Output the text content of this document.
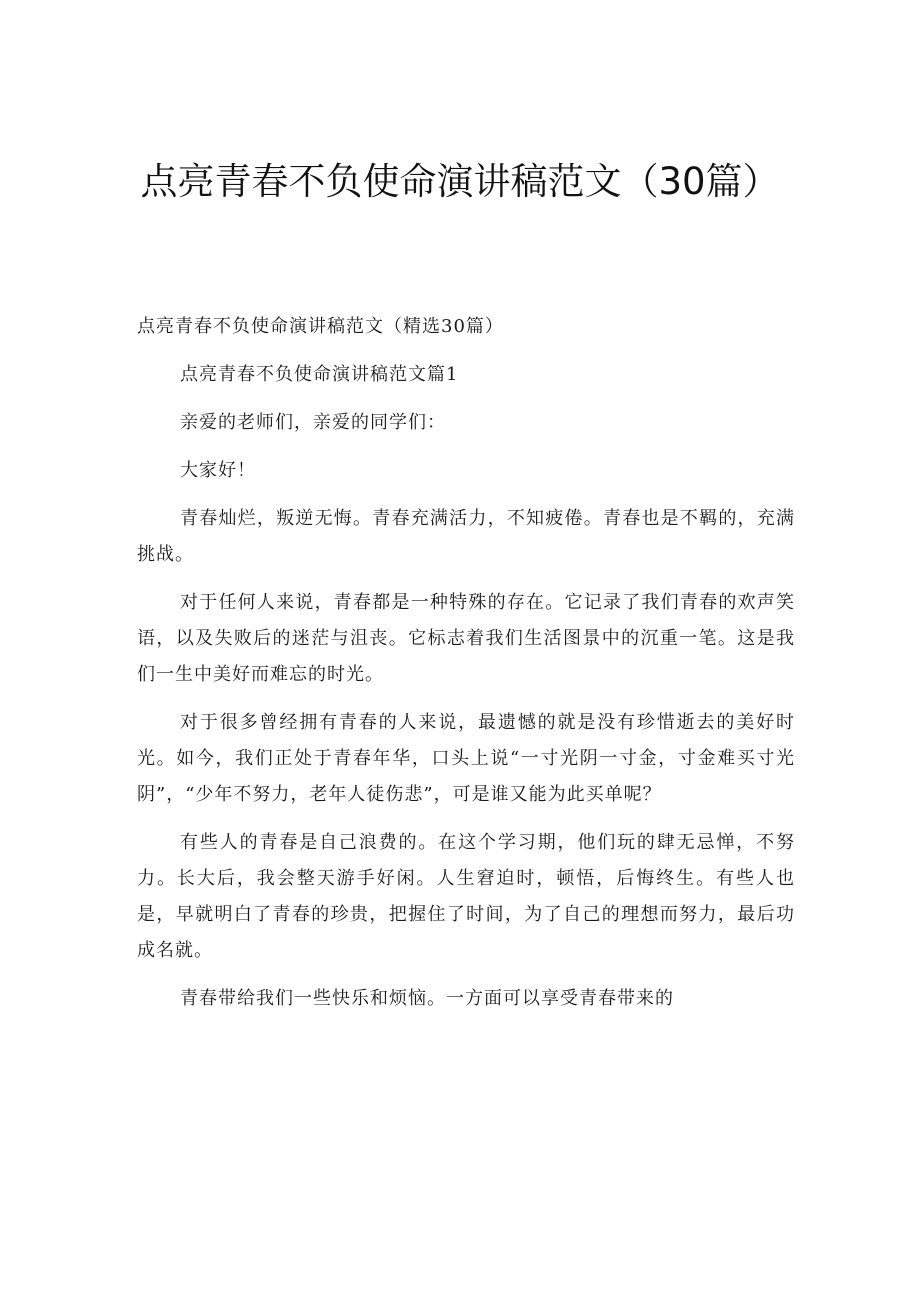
点亮青春不负使命演讲稿范文（30篇）

点亮青春不负使命演讲稿范文（精选30篇）

点亮青春不负使命演讲稿范文篇1

亲爱的老师们，亲爱的同学们：

大家好！

青春灿烂，叛逆无悔。青春充满活力，不知疲倦。青春也是不羁的，充满挑战。

对于任何人来说，青春都是一种特殊的存在。它记录了我们青春的欢声笑语，以及失败后的迷茫与沮丧。它标志着我们生活图景中的沉重一笔。这是我们一生中美好而难忘的时光。

对于很多曾经拥有青春的人来说，最遗憾的就是没有珍惜逝去的美好时光。如今，我们正处于青春年华，口头上说“一寸光阴一寸金，寸金难买寸光阴”，“少年不努力，老年人徒伤悲”，可是谁又能为此买单呢？

有些人的青春是自己浪费的。在这个学习期，他们玩的肆无忌惮，不努力。长大后，我会整天游手好闲。人生窘迫时，顿悟，后悔终生。有些人也是，早就明白了青春的珍贵，把握住了时间，为了自己的理想而努力，最后功成名就。

青春带给我们一些快乐和烦恼。一方面可以享受青春带来的
